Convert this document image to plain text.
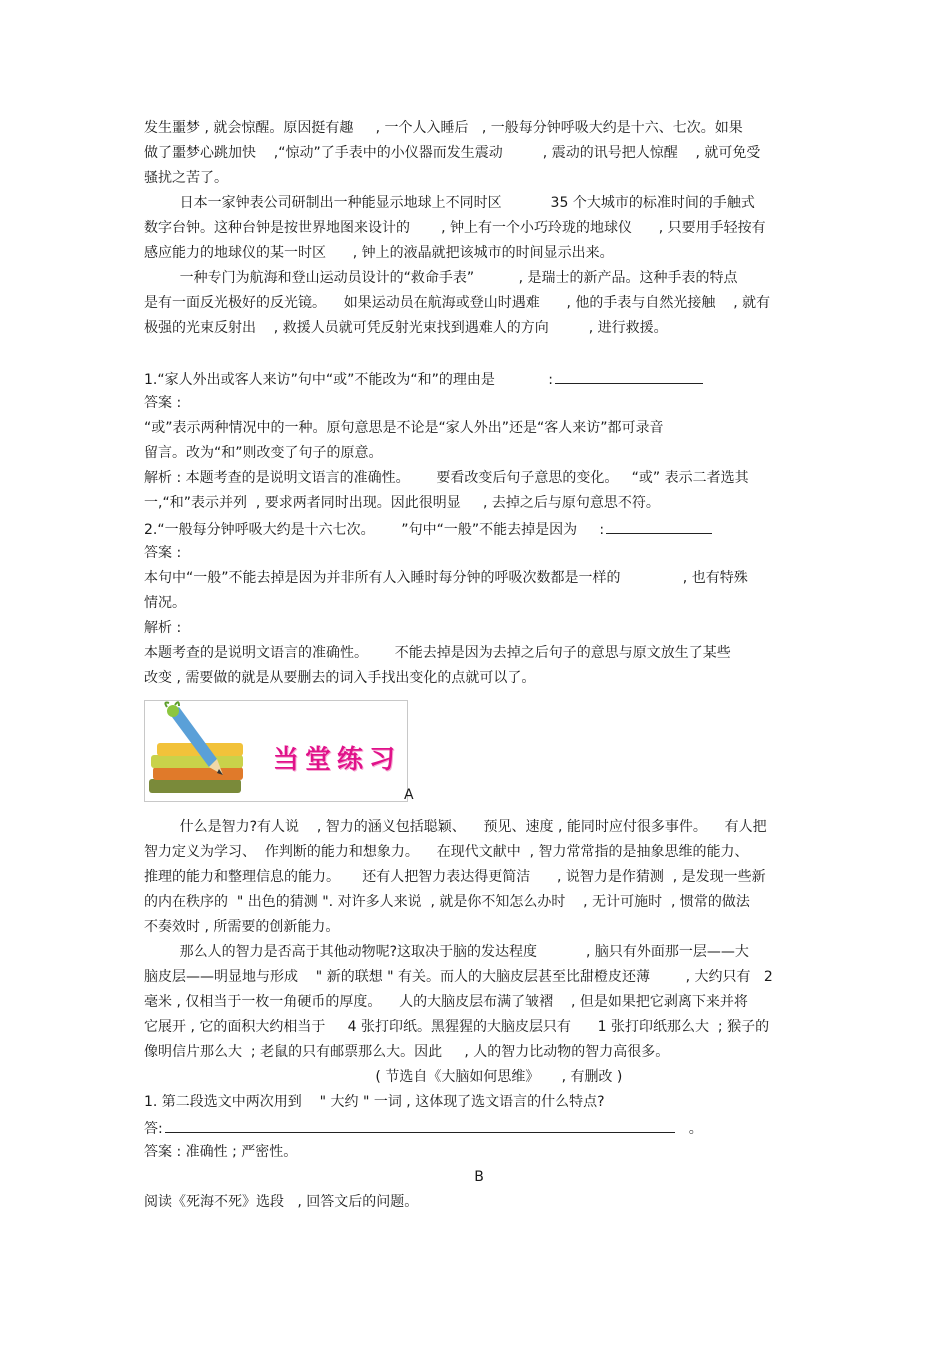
发生噩梦 , 就会惊醒。原因挺有趣     , 一个人入睡后   , 一般每分钟呼吸大约是十六、七次。如果
做了噩梦心跳加快    ,“惊动”了手表中的小仪器而发生震动         , 震动的讯号把人惊醒    , 就可免受
骚扰之苦了。
日本一家钟表公司研制出一种能显示地球上不同时区           35 个大城市的标准时间的手触式
数字台钟。这种台钟是按世界地图来设计的       , 钟上有一个小巧玲珑的地球仪      , 只要用手轻按有
感应能力的地球仪的某一时区      , 钟上的液晶就把该城市的时间显示出来。
一种专门为航海和登山运动员设计的“救命手表”          , 是瑞士的新产品。这种手表的特点
是有一面反光极好的反光镜。    如果运动员在航海或登山时遇难      , 他的手表与自然光接触    , 就有
极强的光束反射出    , 救援人员就可凭反射光束找到遇难人的方向         , 进行救援。
1.“家人外出或客人来访”句中“或”不能改为“和”的理由是            :
答案 :
“或”表示两种情况中的一种。原句意思是不论是“家人外出”还是“客人来访”都可录音
留言。改为“和”则改变了句子的原意。
解析 : 本题考查的是说明文语言的准确性。      要看改变后句子意思的变化。   “或” 表示二者选其
一,“和”表示并列  , 要求两者同时出现。因此很明显     , 去掉之后与原句意思不符。
2.“一般每分钟呼吸大约是十六七次。      ”句中“一般”不能去掉是因为     :
答案 :
本句中“一般”不能去掉是因为并非所有人入睡时每分钟的呼吸次数都是一样的              , 也有特殊
情况。
解析 :
本题考查的是说明文语言的准确性。      不能去掉是因为去掉之后句子的意思与原文放生了某些
改变 , 需要做的就是从要删去的词入手找出变化的点就可以了。
当堂练习
A
什么是智力?有人说    , 智力的涵义包括聪颖、    预见、速度 , 能同时应付很多事件。    有人把
智力定义为学习、  作判断的能力和想象力。    在现代文献中  , 智力常常指的是抽象思维的能力、
推理的能力和整理信息的能力。     还有人把智力表达得更简洁      , 说智力是作猜测  , 是发现一些新
的内在秩序的  " 出色的猜测 ". 对许多人来说  , 就是你不知怎么办时    , 无计可施时  , 惯常的做法
不奏效时 , 所需要的创新能力。
那么人的智力是否高于其他动物呢?这取决于脑的发达程度           , 脑只有外面那一层——大
脑皮层——明显地与形成    " 新的联想 " 有关。而人的大脑皮层甚至比甜橙皮还薄        , 大约只有   2
毫米 , 仅相当于一枚一角硬币的厚度。    人的大脑皮层布满了皱褶    , 但是如果把它剥离下来并将
它展开 , 它的面积大约相当于     4 张打印纸。黑猩猩的大脑皮层只有      1 张打印纸那么大  ; 猴子的
像明信片那么大  ; 老鼠的只有邮票那么大。因此     , 人的智力比动物的智力高很多。
( 节选自《大脑如何思维》     , 有删改 )
1. 第二段选文中两次用到    " 大约 " 一词 , 这体现了选文语言的什么特点?
答:	。
答案 : 准确性 ; 严密性。
B
阅读《死海不死》选段   , 回答文后的问题。
